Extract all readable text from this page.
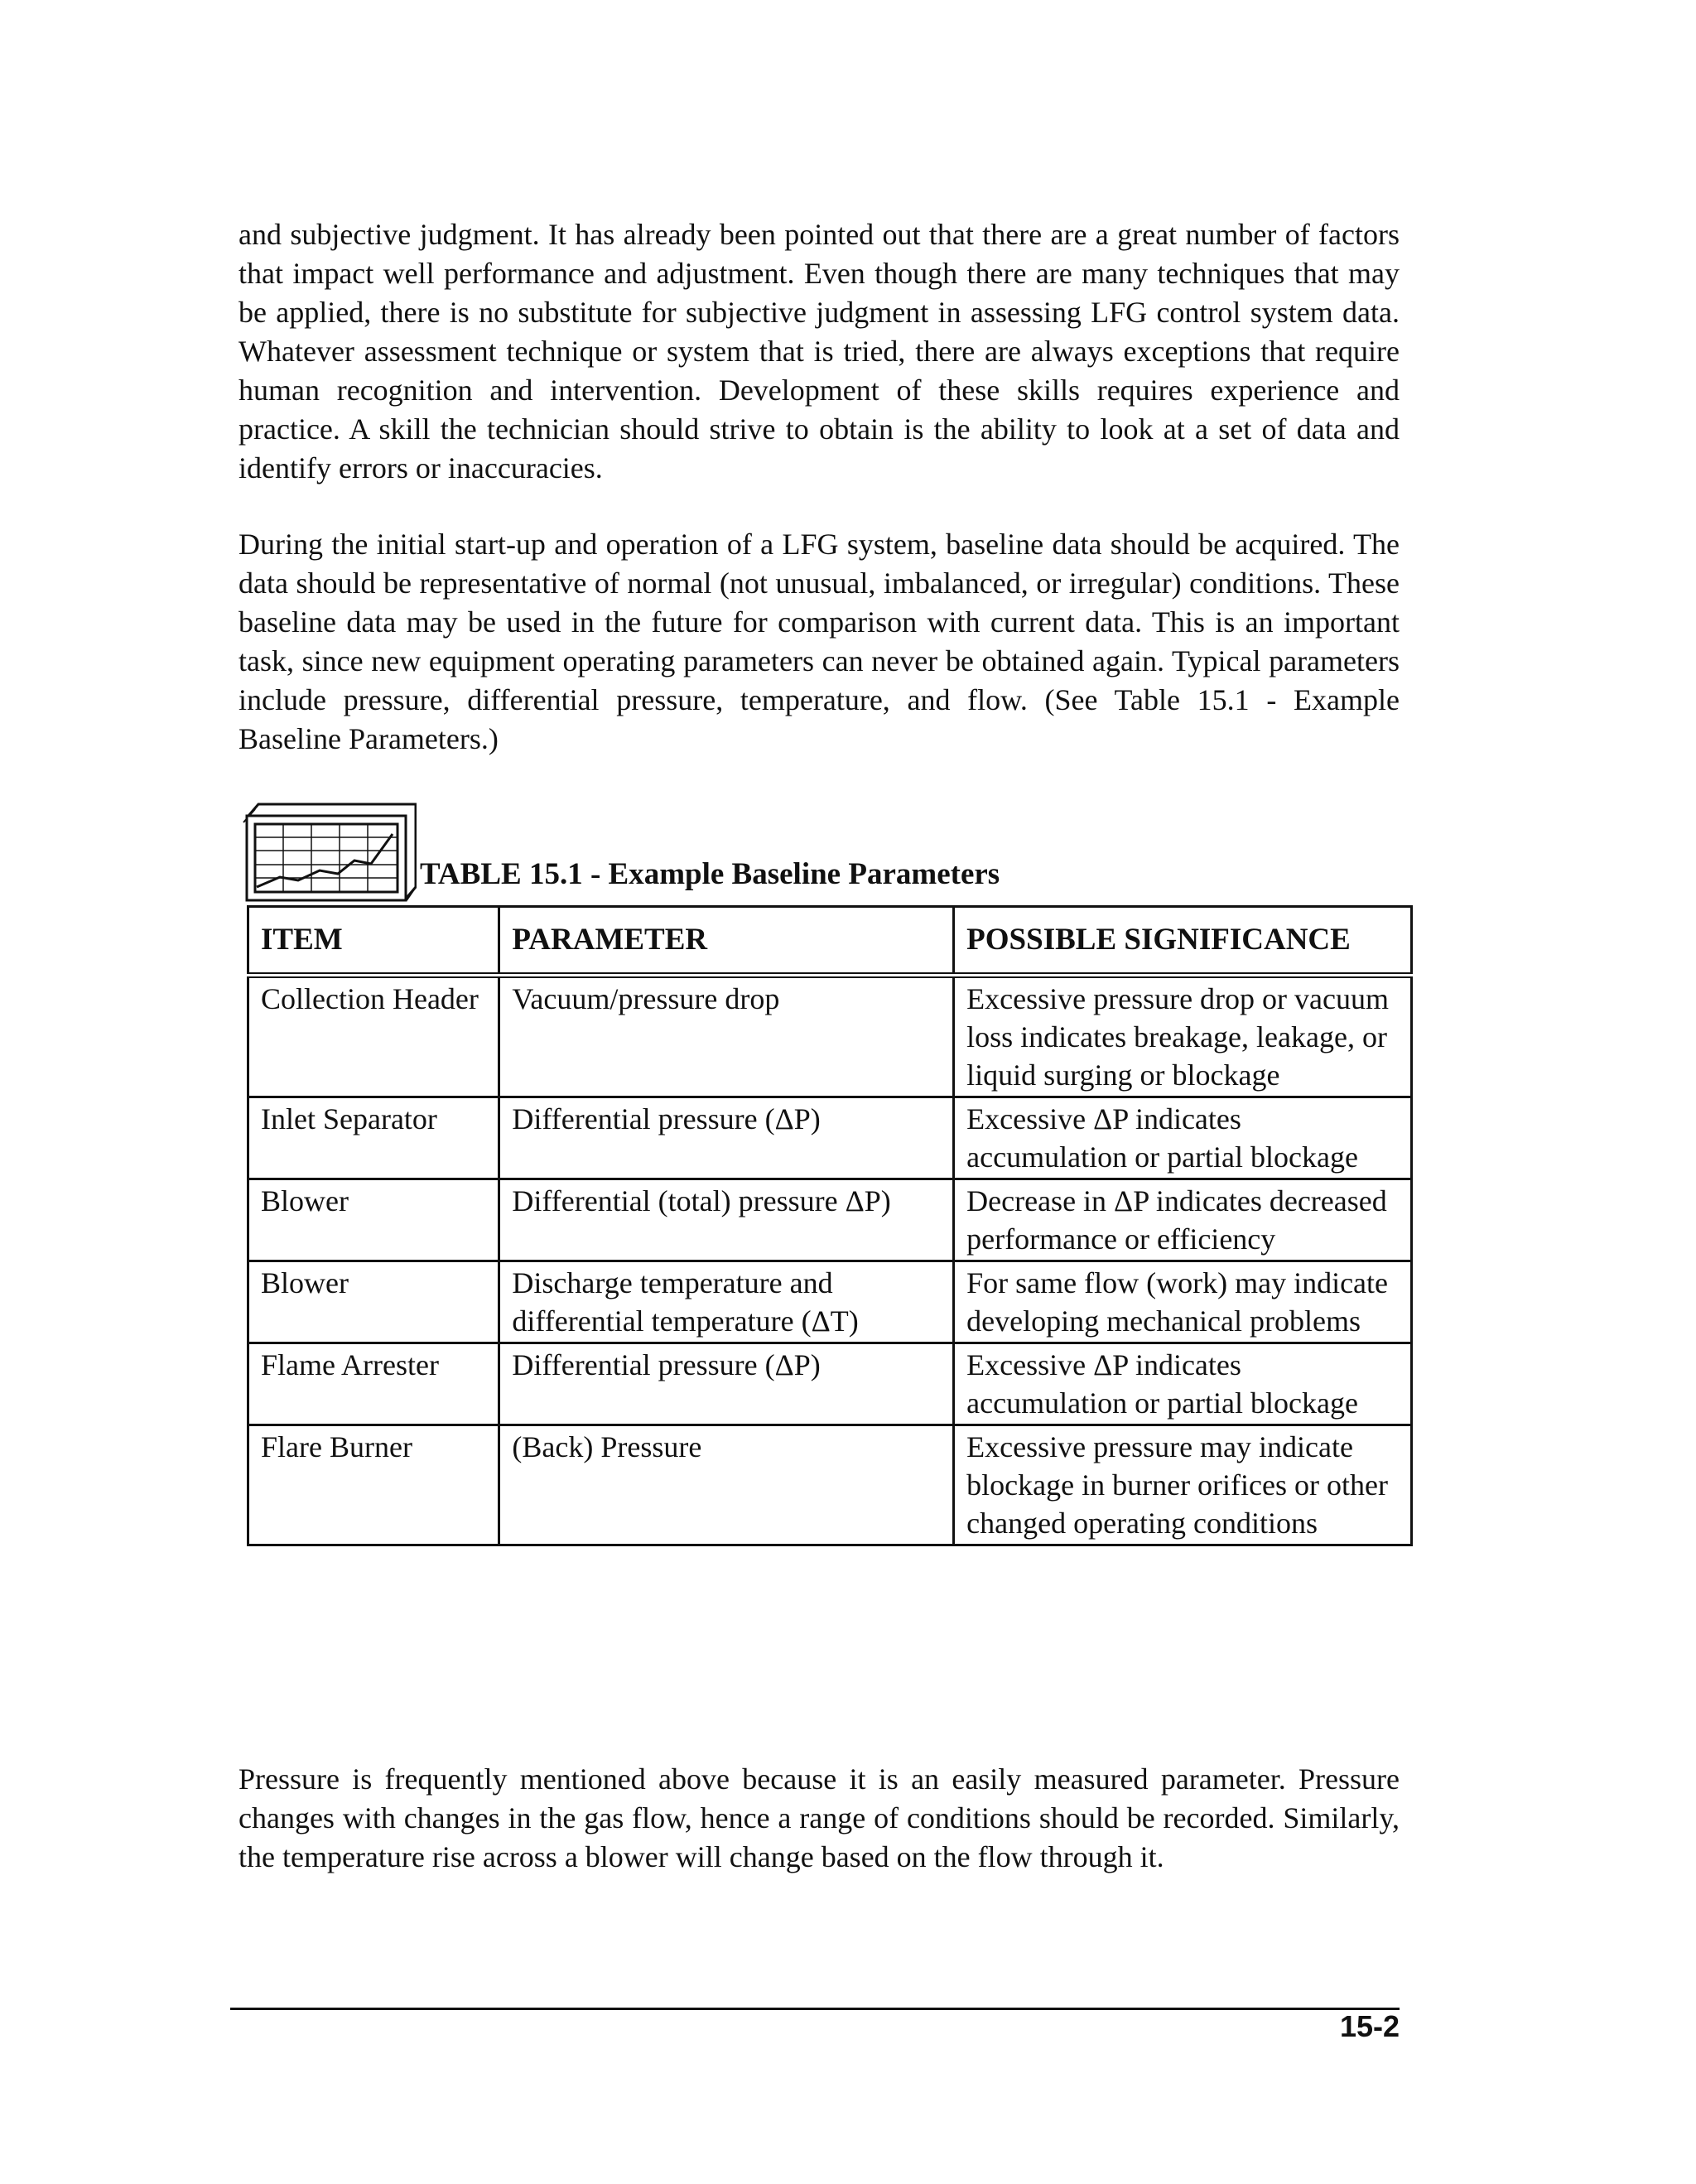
and subjective judgment. It has already been pointed out that there are a great number of factors that impact well performance and adjustment. Even though there are many techniques that may be applied, there is no substitute for subjective judgment in assessing LFG control system data. Whatever assessment technique or system that is tried, there are always exceptions that require human recognition and intervention. Development of these skills requires experience and practice. A skill the technician should strive to obtain is the ability to look at a set of data and identify errors or inaccuracies.

During the initial start-up and operation of a LFG system, baseline data should be acquired. The data should be representative of normal (not unusual, imbalanced, or irregular) conditions. These baseline data may be used in the future for comparison with current data. This is an important task, since new equipment operating parameters can never be obtained again. Typical parameters include pressure, differential pressure, temperature, and flow. (See Table 15.1 - Example Baseline Parameters.)

TABLE 15.1 - Example Baseline Parameters
ITEM	PARAMETER	POSSIBLE SIGNIFICANCE
Collection Header	Vacuum/pressure drop	Excessive pressure drop or vacuum loss indicates breakage, leakage, or liquid surging or blockage
Inlet Separator	Differential pressure (ΔP)	Excessive ΔP indicates accumulation or partial blockage
Blower	Differential (total) pressure ΔP)	Decrease in ΔP indicates decreased performance or efficiency
Blower	Discharge temperature and differential temperature (ΔT)	For same flow (work) may indicate developing mechanical problems
Flame Arrester	Differential pressure (ΔP)	Excessive ΔP indicates accumulation or partial blockage
Flare Burner	(Back) Pressure	Excessive pressure may indicate blockage in burner orifices or other changed operating conditions

Pressure is frequently mentioned above because it is an easily measured parameter. Pressure changes with changes in the gas flow, hence a range of conditions should be recorded. Similarly, the temperature rise across a blower will change based on the flow through it.

15-2
